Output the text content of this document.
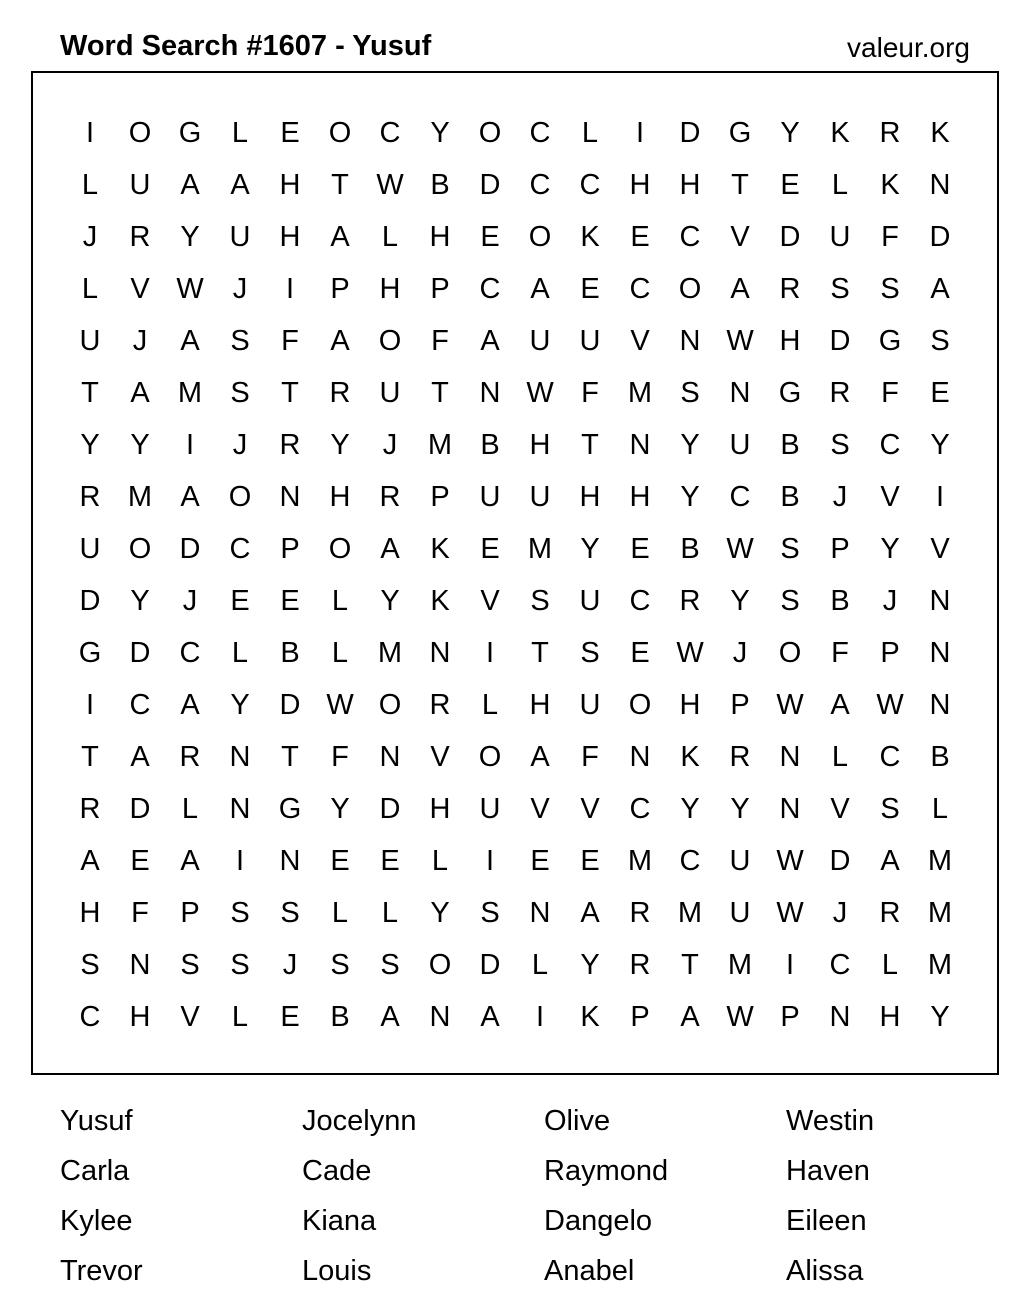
Word Search #1607 - Yusuf	valeur.org
I	O G	L	E	O C	Y	O C	L	I	D G	Y	K	R	K
L	U	A	A	H	T W B	D	C	C	H	H	T	E	L	K	N
J	R	Y	U	H	A	L	H	E	O	K	E	C	V	D	U	F	D
L	V W	J	I	P	H	P	C	A	E	C O	A	R	S	S	A
U	J	A	S	F	A	O	F	A	U	U	V	N W H	D G	S
T	A M S	T	R	U	T	N W F	M S	N G R	F	E
Y	Y	I	J	R	Y	J	M B	H	T	N	Y	U	B	S	C	Y
R M A	O N	H	R	P	U	U	H	H	Y	C	B	J	V	I
U O D	C	P	O	A	K	E M Y	E	B W S	P	Y	V
D	Y	J	E	E	L	Y	K	V	S	U	C	R	Y	S	B	J	N
G D	C	L	B	L	M N	I	T	S	E W	J	O	F	P	N
I	C	A	Y	D W O R	L	H	U O H	P W A W N
T	A	R	N	T	F	N	V	O	A	F	N	K	R	N	L	C	B
R	D	L	N G	Y	D	H	U	V	V	C	Y	Y	N	V	S	L
A	E	A	I	N	E	E	L	I	E	E M C	U W D	A M
H	F	P	S	S	L	L	Y	S	N	A	R M U W	J	R M
S	N	S	S	J	S	S	O D	L	Y	R	T	M	I	C	L	M
C	H	V	L	E	B	A	N	A	I	K	P	A W P	N	H	Y
Yusuf	Jocelynn	Olive	Westin
Carla	Cade	Raymond	Haven
Kylee	Kiana	Dangelo	Eileen
Trevor	Louis	Anabel	Alissa
